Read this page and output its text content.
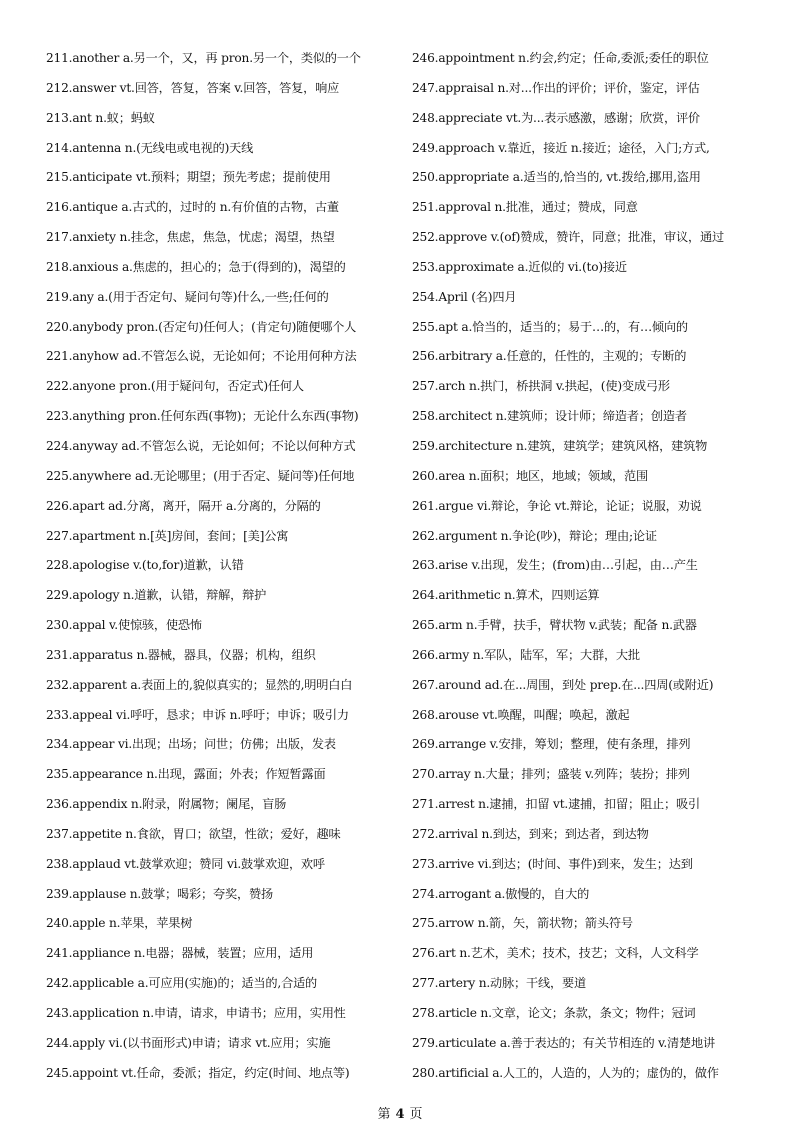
211.another a.另一个，又，再 pron.另一个，类似的一个
212.answer vt.回答，答复，答案 v.回答，答复，响应
213.ant n.蚁；蚂蚁
214.antenna n.(无线电或电视的)天线
215.anticipate vt.预料；期望；预先考虑；提前使用
216.antique a.古式的，过时的 n.有价值的古物，古董
217.anxiety n.挂念，焦虑，焦急，忧虑；渴望，热望
218.anxious a.焦虑的，担心的；急于(得到的)，渴望的
219.any a.(用于否定句、疑问句等)什么,一些;任何的
220.anybody pron.(否定句)任何人；(肯定句)随便哪个人
221.anyhow ad.不管怎么说，无论如何；不论用何种方法
222.anyone pron.(用于疑问句，否定式)任何人
223.anything pron.任何东西(事物)；无论什么东西(事物)
224.anyway ad.不管怎么说，无论如何；不论以何种方式
225.anywhere ad.无论哪里；(用于否定、疑问等)任何地
226.apart ad.分离，离开，隔开 a.分离的，分隔的
227.apartment n.[英]房间，套间；[美]公寓
228.apologise v.(to,for)道歉，认错
229.apology n.道歉，认错，辩解，辩护
230.appal v.使惊骇，使恐怖
231.apparatus n.器械，器具，仪器；机构，组织
232.apparent a.表面上的,貌似真实的；显然的,明明白白
233.appeal vi.呼吁，恳求；申诉 n.呼吁；申诉；吸引力
234.appear vi.出现；出场；问世；仿佛；出版，发表
235.appearance n.出现，露面；外表；作短暂露面
236.appendix n.附录，附属物；阑尾，盲肠
237.appetite n.食欲，胃口；欲望，性欲；爱好，趣味
238.applaud vt.鼓掌欢迎；赞同 vi.鼓掌欢迎，欢呼
239.applause n.鼓掌；喝彩；夸奖，赞扬
240.apple n.苹果，苹果树
241.appliance n.电器；器械，装置；应用，适用
242.applicable a.可应用(实施)的；适当的,合适的
243.application n.申请，请求，申请书；应用，实用性
244.apply vi.(以书面形式)申请；请求 vt.应用；实施
245.appoint vt.任命，委派；指定，约定(时间、地点等)
246.appointment n.约会,约定；任命,委派;委任的职位
247.appraisal n.对...作出的评价；评价，鉴定，评估
248.appreciate vt.为...表示感激，感谢；欣赏，评价
249.approach v.靠近，接近 n.接近；途径，入门;方式,
250.appropriate a.适当的,恰当的, vt.拨给,挪用,盗用
251.approval n.批准，通过；赞成，同意
252.approve v.(of)赞成，赞许，同意；批准，审议，通过
253.approximate a.近似的 vi.(to)接近
254.April (名)四月
255.apt a.恰当的，适当的；易于…的，有…倾向的
256.arbitrary a.任意的，任性的，主观的；专断的
257.arch n.拱门，桥拱洞 v.拱起，(使)变成弓形
258.architect n.建筑师；设计师；缔造者；创造者
259.architecture n.建筑，建筑学；建筑风格，建筑物
260.area n.面积；地区，地域；领域，范围
261.argue vi.辩论，争论 vt.辩论，论证；说服，劝说
262.argument n.争论(吵)，辩论；理由;论证
263.arise v.出现，发生；(from)由…引起，由…产生
264.arithmetic n.算术，四则运算
265.arm n.手臂，扶手，臂状物 v.武装；配备 n.武器
266.army n.军队，陆军，军；大群，大批
267.around ad.在...周围，到处 prep.在...四周(或附近)
268.arouse vt.唤醒，叫醒；唤起，激起
269.arrange v.安排，筹划；整理，使有条理，排列
270.array n.大量；排列；盛装 v.列阵；装扮；排列
271.arrest n.逮捕，扣留 vt.逮捕，扣留；阻止；吸引
272.arrival n.到达，到来；到达者，到达物
273.arrive vi.到达；(时间、事件)到来，发生；达到
274.arrogant a.傲慢的，自大的
275.arrow n.箭，矢，箭状物；箭头符号
276.art n.艺术，美术；技术，技艺；文科，人文科学
277.artery n.动脉；干线，要道
278.article n.文章，论文；条款，条文；物件；冠词
279.articulate a.善于表达的；有关节相连的 v.清楚地讲
280.artificial a.人工的，人造的，人为的；虚伪的，做作
第 4 页
